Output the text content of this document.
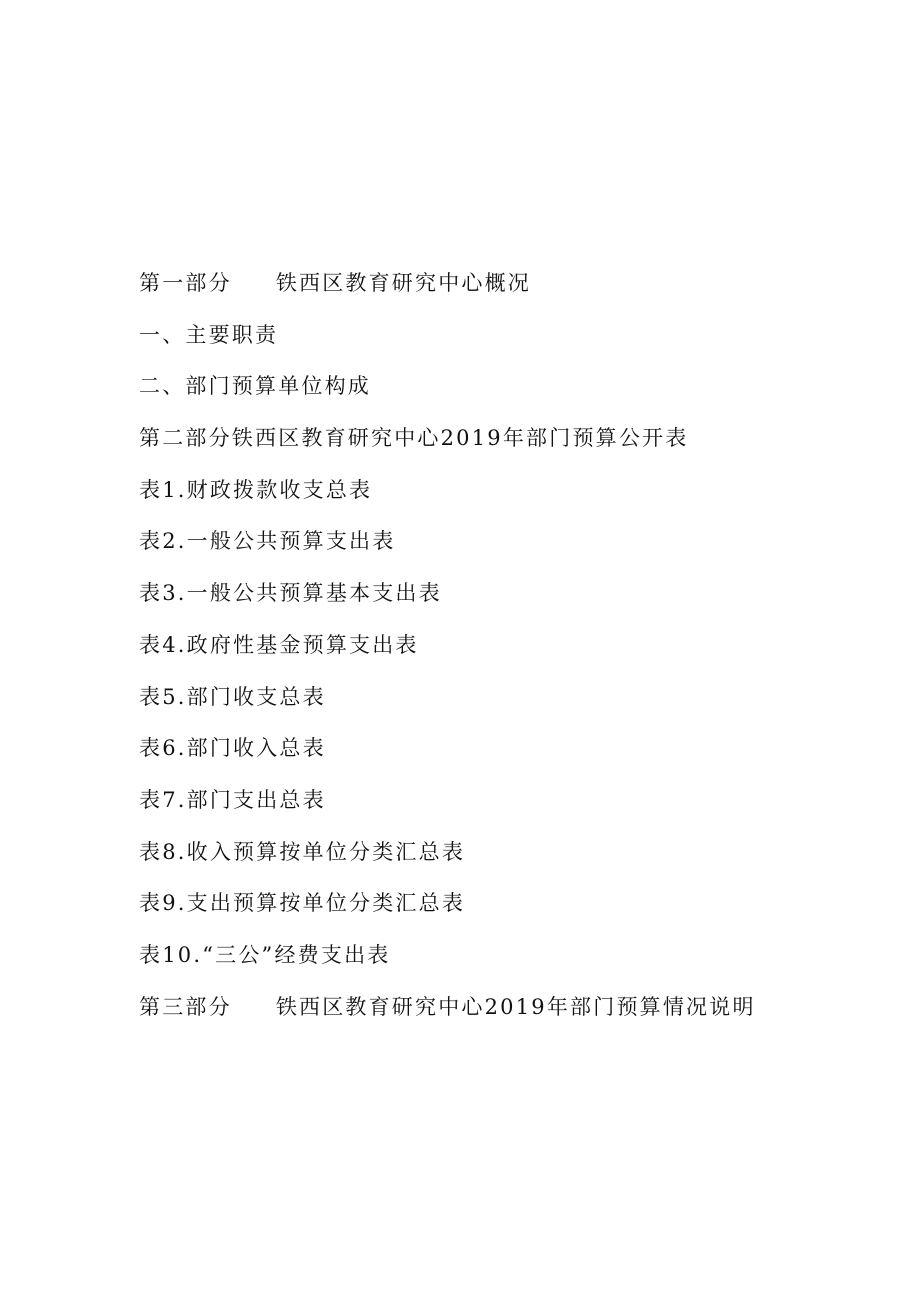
第一部分 铁西区教育研究中心概况
一、主要职责
二、部门预算单位构成
第二部分铁西区教育研究中心2019年部门预算公开表
表1.财政拨款收支总表
表2.一般公共预算支出表
表3.一般公共预算基本支出表
表4.政府性基金预算支出表
表5.部门收支总表
表6.部门收入总表
表7.部门支出总表
表8.收入预算按单位分类汇总表
表9.支出预算按单位分类汇总表
表10.“三公”经费支出表
第三部分 铁西区教育研究中心2019年部门预算情况说明
